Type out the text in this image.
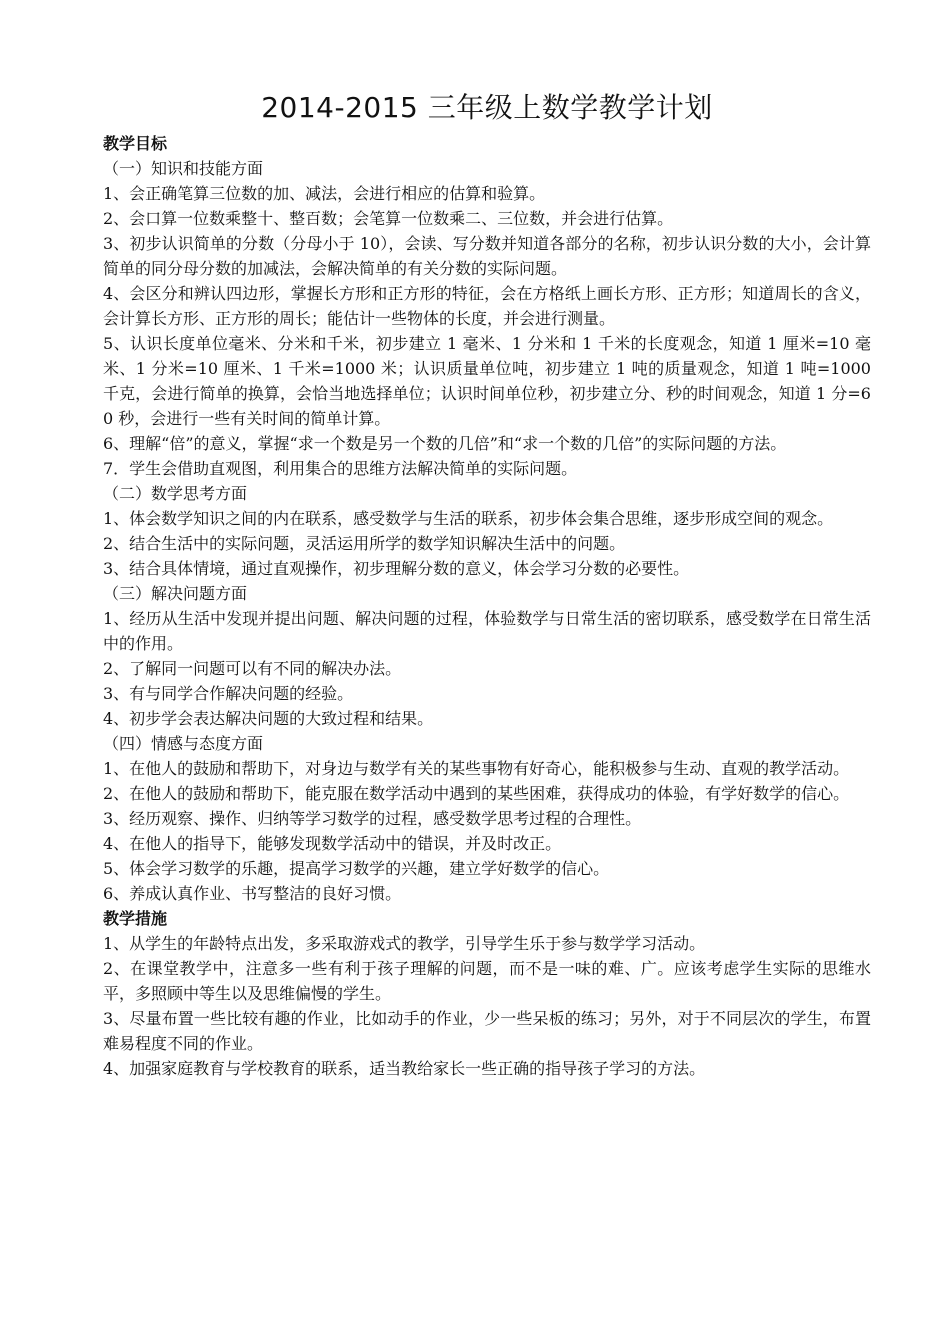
2014-2015 三年级上数学教学计划

教学目标

（一）知识和技能方面

1、会正确笔算三位数的加、减法，会进行相应的估算和验算。

2、会口算一位数乘整十、整百数；会笔算一位数乘二、三位数，并会进行估算。

3、初步认识简单的分数（分母小于 10），会读、写分数并知道各部分的名称，初步认识分数的大小，会计算简单的同分母分数的加减法，会解决简单的有关分数的实际问题。

4、会区分和辨认四边形，掌握长方形和正方形的特征，会在方格纸上画长方形、正方形；知道周长的含义，会计算长方形、正方形的周长；能估计一些物体的长度，并会进行测量。

5、认识长度单位毫米、分米和千米，初步建立 1 毫米、1 分米和 1 千米的长度观念，知道 1 厘米=10 毫米、1 分米=10 厘米、1 千米=1000 米；认识质量单位吨，初步建立 1 吨的质量观念，知道 1 吨=1000 千克，会进行简单的换算，会恰当地选择单位；认识时间单位秒，初步建立分、秒的时间观念，知道 1 分=60 秒，会进行一些有关时间的简单计算。

6、理解“倍”的意义，掌握“求一个数是另一个数的几倍”和“求一个数的几倍”的实际问题的方法。

7．学生会借助直观图，利用集合的思维方法解决简单的实际问题。

（二）数学思考方面

1、体会数学知识之间的内在联系，感受数学与生活的联系，初步体会集合思维，逐步形成空间的观念。

2、结合生活中的实际问题，灵活运用所学的数学知识解决生活中的问题。

3、结合具体情境，通过直观操作，初步理解分数的意义，体会学习分数的必要性。

（三）解决问题方面

1、经历从生活中发现并提出问题、解决问题的过程，体验数学与日常生活的密切联系，感受数学在日常生活中的作用。

2、了解同一问题可以有不同的解决办法。

3、有与同学合作解决问题的经验。

4、初步学会表达解决问题的大致过程和结果。

（四）情感与态度方面

1、在他人的鼓励和帮助下，对身边与数学有关的某些事物有好奇心，能积极参与生动、直观的教学活动。

2、在他人的鼓励和帮助下，能克服在数学活动中遇到的某些困难，获得成功的体验，有学好数学的信心。

3、经历观察、操作、归纳等学习数学的过程，感受数学思考过程的合理性。

4、在他人的指导下，能够发现数学活动中的错误，并及时改正。

5、体会学习数学的乐趣，提高学习数学的兴趣，建立学好数学的信心。

6、养成认真作业、书写整洁的良好习惯。

教学措施

1、从学生的年龄特点出发，多采取游戏式的教学，引导学生乐于参与数学学习活动。

2、在课堂教学中，注意多一些有利于孩子理解的问题，而不是一味的难、广。应该考虑学生实际的思维水平，多照顾中等生以及思维偏慢的学生。

3、尽量布置一些比较有趣的作业，比如动手的作业，少一些呆板的练习；另外，对于不同层次的学生，布置难易程度不同的作业。

4、加强家庭教育与学校教育的联系，适当教给家长一些正确的指导孩子学习的方法。
